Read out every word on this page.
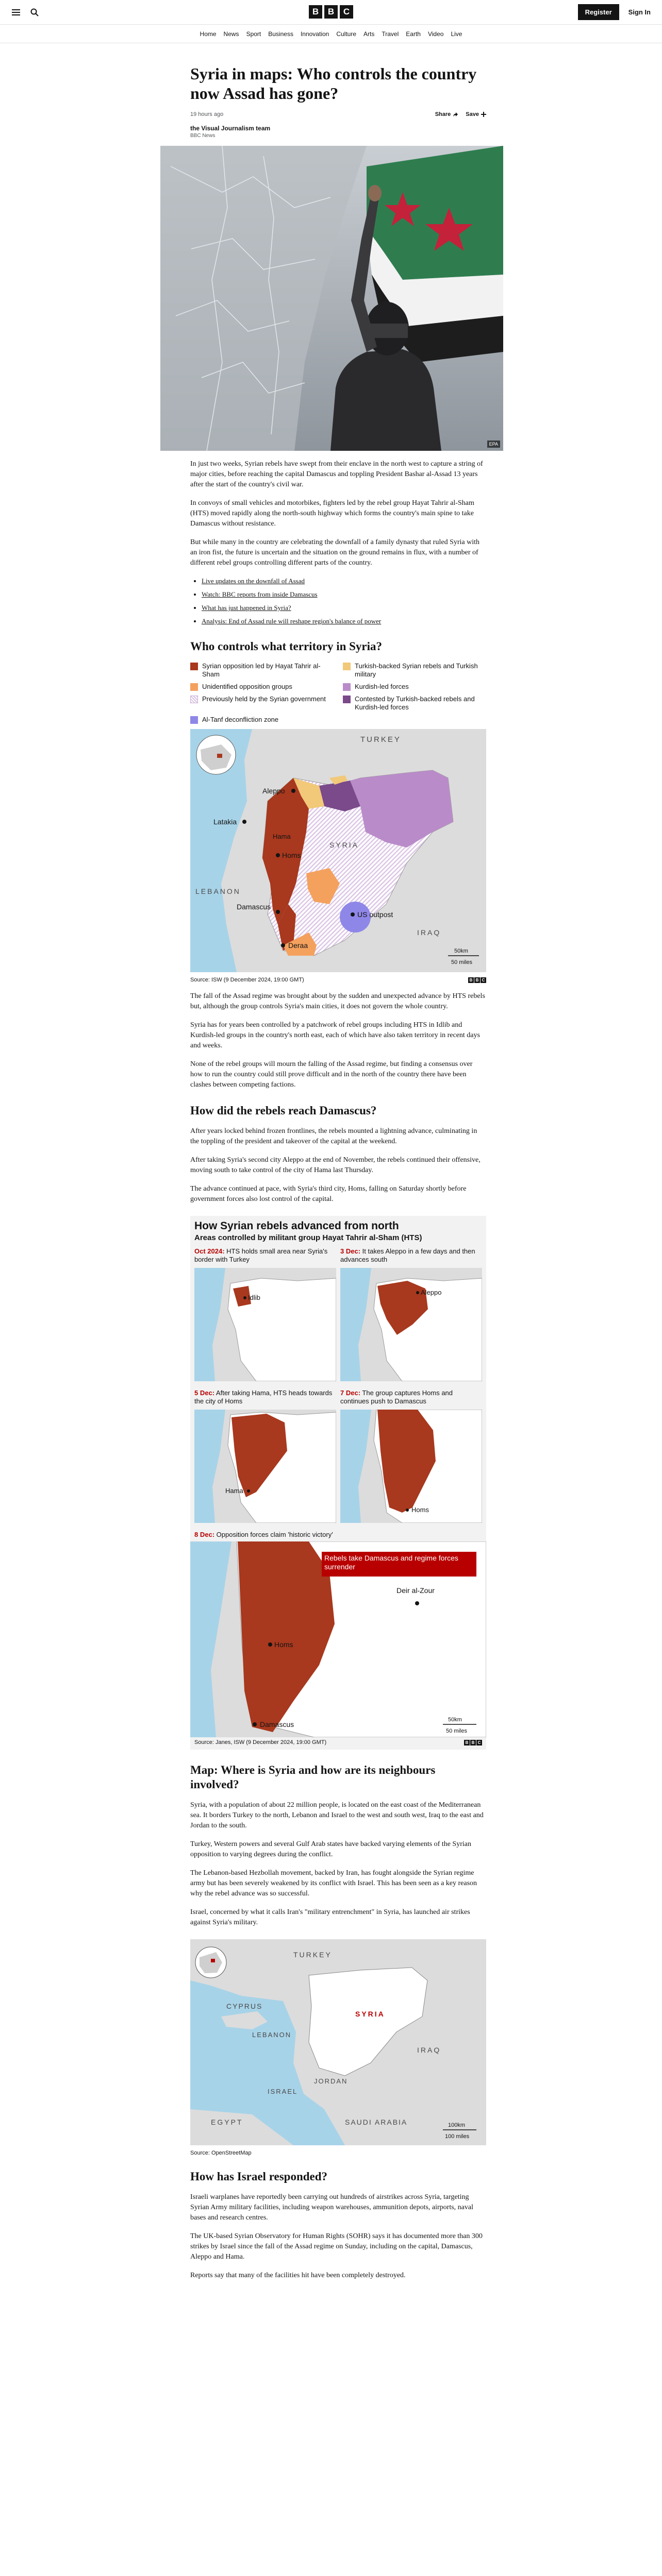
B	B	C	Register	Sign In
Home News Sport Business Innovation Culture Arts Travel Earth Video Live
Syria in maps: Who controls the country now Assad has gone?
19 hours ago	Share	Save
the Visual Journalism team
BBC News
EPA

In just two weeks, Syrian rebels have swept from their enclave in the north west to capture a string of major cities, before reaching the capital Damascus and toppling President Bashar al-Assad 13 years after the start of the country's civil war.

In convoys of small vehicles and motorbikes, fighters led by the rebel group Hayat Tahrir al-Sham (HTS) moved rapidly along the north-south highway which forms the country's main spine to take Damascus without resistance.

But while many in the country are celebrating the downfall of a family dynasty that ruled Syria with an iron fist, the future is uncertain and the situation on the ground remains in flux, with a number of different rebel groups controlling different parts of the country.

• Live updates on the downfall of Assad
• Watch: BBC reports from inside Damascus
• What has just happened in Syria?
• Analysis: End of Assad rule will reshape region's balance of power
Who controls what territory in Syria?
Syrian opposition led by Hayat Tahrir al-Sham
Turkish-backed Syrian rebels and Turkish military
Unidentified opposition groups	Kurdish-led forces
Previously held by the Syrian government	Contested by Turkish-backed rebels and Kurdish-led forces
Al-Tanf deconfliction zone
TURKEY
SYRIA
LEBANON
IRAQ
Aleppo
Latakia
Hama
Homs
Damascus
Deraa
US outpost
50km
50 miles
Source: ISW (9 December 2024, 19:00 GMT)	B B C

The fall of the Assad regime was brought about by the sudden and unexpected advance by HTS rebels but, although the group controls Syria's main cities, it does not govern the whole country.

Syria has for years been controlled by a patchwork of rebel groups including HTS in Idlib and Kurdish-led groups in the country's north east, each of which have also taken territory in recent days and weeks.

None of the rebel groups will mourn the falling of the Assad regime, but finding a consensus over how to run the country could still prove difficult and in the north of the country there have been clashes between competing factions.

How did the rebels reach Damascus?

After years locked behind frozen frontlines, the rebels mounted a lightning advance, culminating in the toppling of the president and takeover of the capital at the weekend.

After taking Syria's second city Aleppo at the end of November, the rebels continued their offensive, moving south to take control of the city of Hama last Thursday.

The advance continued at pace, with Syria's third city, Homs, falling on Saturday shortly before government forces also lost control of the capital.

How Syrian rebels advanced from north
Areas controlled by militant group Hayat Tahrir al-Sham (HTS)
Oct 2024: HTS holds small area near Syria's border with Turkey
Idlib
3 Dec: It takes Aleppo in a few days and then advances south
Aleppo
5 Dec: After taking Hama, HTS heads towards the city of Homs
Hama
7 Dec: The group captures Homs and continues push to Damascus
Homs
8 Dec: Opposition forces claim 'historic victory'
Homs
Damascus
Deir al-Zour
Rebels take Damascus and regime forces surrender
50km
50 miles
Source: Janes, ISW (9 December 2024, 19:00 GMT)	B B C
Map: Where is Syria and how are its neighbours involved?

Syria, with a population of about 22 million people, is located on the east coast of the Mediterranean sea. It borders Turkey to the north, Lebanon and Israel to the west and south west, Iraq to the east and Jordan to the south.

Turkey, Western powers and several Gulf Arab states have backed varying elements of the Syrian opposition to varying degrees during the conflict.

The Lebanon-based Hezbollah movement, backed by Iran, has fought alongside the Syrian regime army but has been severely weakened by its conflict with Israel. This has been seen as a key reason why the rebel advance was so successful.

Israel, concerned by what it calls Iran's "military entrenchment" in Syria, has launched air strikes against Syria's military.

TURKEY
CYPRUS
SYRIA
LEBANON
IRAQ
JORDAN
ISRAEL
EGYPT	SAUDI ARABIA	100km
100 miles
Source: OpenStreetMap
How has Israel responded?

Israeli warplanes have reportedly been carrying out hundreds of airstrikes across Syria, targeting Syrian Army military facilities, including weapon warehouses, ammunition depots, airports, naval bases and research centres.

The UK-based Syrian Observatory for Human Rights (SOHR) says it has documented more than 300 strikes by Israel since the fall of the Assad regime on Sunday, including on the capital, Damascus, Aleppo and Hama.

Reports say that many of the facilities hit have been completely destroyed.
